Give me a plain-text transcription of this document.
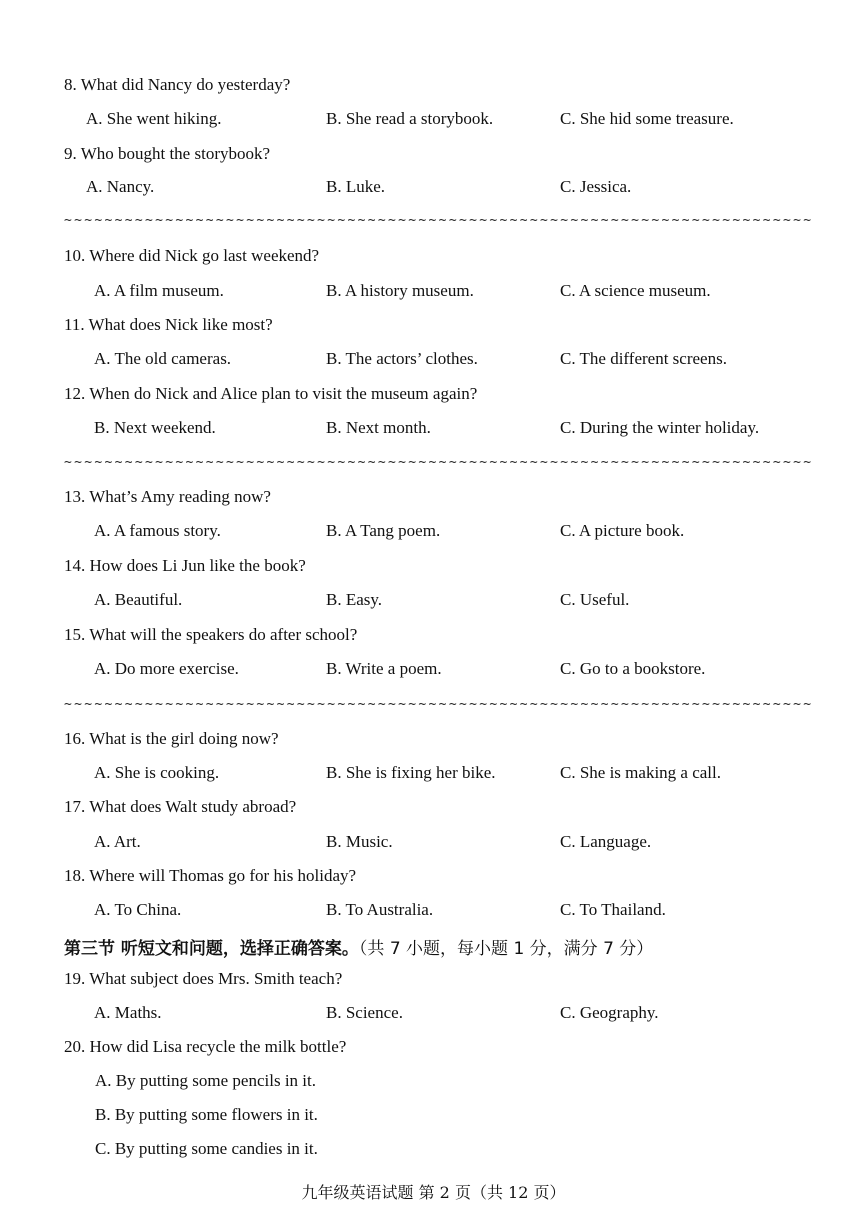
8. What did Nancy do yesterday?
A. She went hiking.	B. She read a storybook.	C. She hid some treasure.
9. Who bought the storybook?
A. Nancy.	B. Luke.	C. Jessica.
~~~~~~~~~~~~~~~~~~~~~~~~~~~~~~~~~~~~~~~~~~~~~~~~~~~~~~~~~~~~~~~~~~~~~~~~~~
10. Where did Nick go last weekend?
A. A film museum.	B. A history museum.	C. A science museum.
11. What does Nick like most?
A. The old cameras.	B. The actors’ clothes.	C. The different screens.
12. When do Nick and Alice plan to visit the museum again?
B. Next weekend.	B. Next month.	C. During the winter holiday.
~~~~~~~~~~~~~~~~~~~~~~~~~~~~~~~~~~~~~~~~~~~~~~~~~~~~~~~~~~~~~~~~~~~~~~~~~~
13. What’s Amy reading now?
A. A famous story.	B. A Tang poem.	C. A picture book.
14. How does Li Jun like the book?
A. Beautiful.	B. Easy.	C. Useful.
15. What will the speakers do after school?
A. Do more exercise.	B. Write a poem.	C. Go to a bookstore.
~~~~~~~~~~~~~~~~~~~~~~~~~~~~~~~~~~~~~~~~~~~~~~~~~~~~~~~~~~~~~~~~~~~~~~~~~~
16. What is the girl doing now?
A. She is cooking.	B. She is fixing her bike.	C. She is making a call.
17. What does Walt study abroad?
A. Art.	B. Music.	C. Language.
18. Where will Thomas go for his holiday?
A. To China.	B. To Australia.	C. To Thailand.
第三节 听短文和问题，选择正确答案。（共 7 小题，每小题 1 分，满分 7 分）
19. What subject does Mrs. Smith teach?
A. Maths.	B. Science.	C. Geography.
20. How did Lisa recycle the milk bottle?
A. By putting some pencils in it.
B. By putting some flowers in it.
C. By putting some candies in it.
九年级英语试题 第 2 页（共 12 页）
